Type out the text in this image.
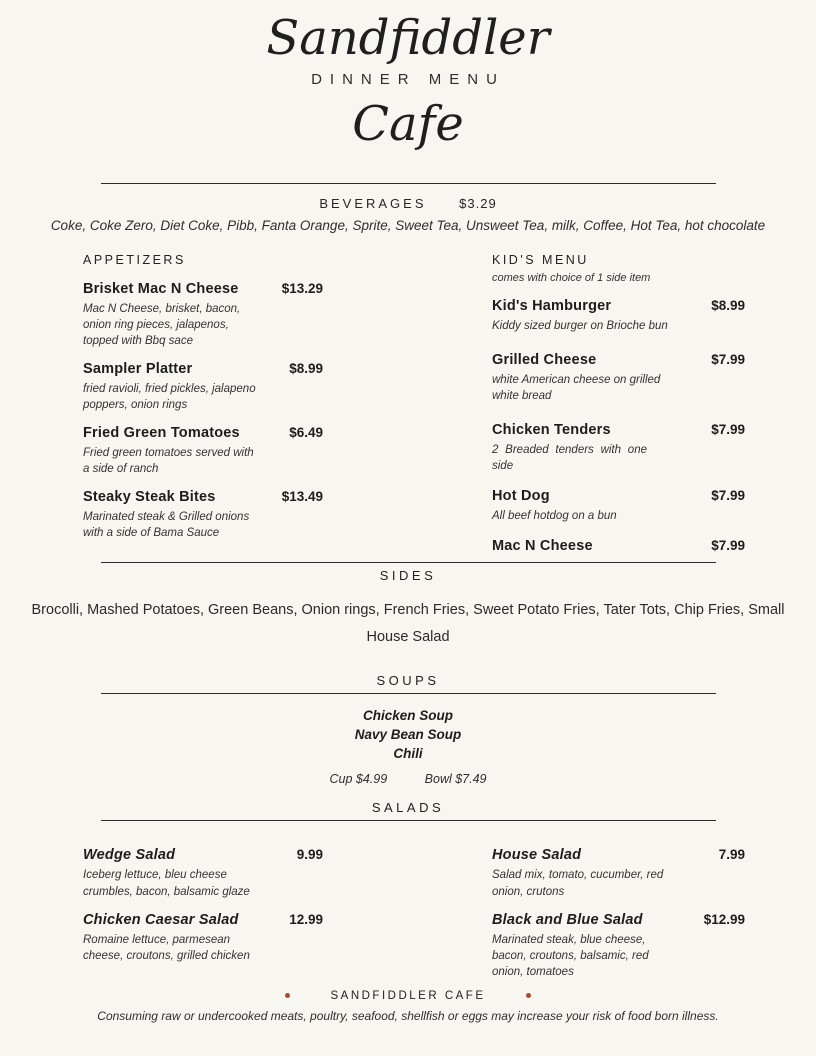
Sandfiddler
DINNER MENU
Cafe
BEVERAGES	$3.29
Coke, Coke Zero, Diet Coke, Pibb, Fanta Orange, Sprite, Sweet Tea, Unsweet Tea, milk, Coffee, Hot Tea, hot chocolate
APPETIZERS
Brisket Mac N Cheese	$13.29
Mac N Cheese, brisket, bacon, onion ring pieces, jalapenos, topped with Bbq sace
Sampler Platter	$8.99
fried ravioli, fried pickles, jalapeno poppers, onion rings
Fried Green Tomatoes	$6.49
Fried green tomatoes served with a side of ranch
Steaky Steak Bites	$13.49
Marinated steak & Grilled onions with a side of Bama Sauce
KID'S MENU
comes with choice of 1 side item
Kid's Hamburger	$8.99
Kiddy sized burger on Brioche bun
Grilled Cheese	$7.99
white American cheese on grilled white bread
Chicken Tenders	$7.99
2 Breaded tenders with one side
Hot Dog	$7.99
All beef hotdog on a bun
Mac N Cheese	$7.99
SIDES
Brocolli, Mashed Potatoes, Green Beans, Onion rings, French Fries, Sweet Potato Fries, Tater Tots, Chip Fries, Small House Salad
SOUPS
Chicken Soup
Navy Bean Soup
Chili
Cup $4.99	Bowl $7.49
SALADS
Wedge Salad	9.99
Iceberg lettuce, bleu cheese crumbles, bacon, balsamic glaze
Chicken Caesar Salad	12.99
Romaine lettuce, parmesean cheese, croutons, grilled chicken
House Salad	7.99
Salad mix, tomato, cucumber, red onion, crutons
Black and Blue Salad	$12.99
Marinated steak, blue cheese, bacon, croutons, balsamic, red onion, tomatoes
SANDFIDDLER CAFE
Consuming raw or undercooked meats, poultry, seafood, shellfish or eggs may increase your risk of food born illness.
